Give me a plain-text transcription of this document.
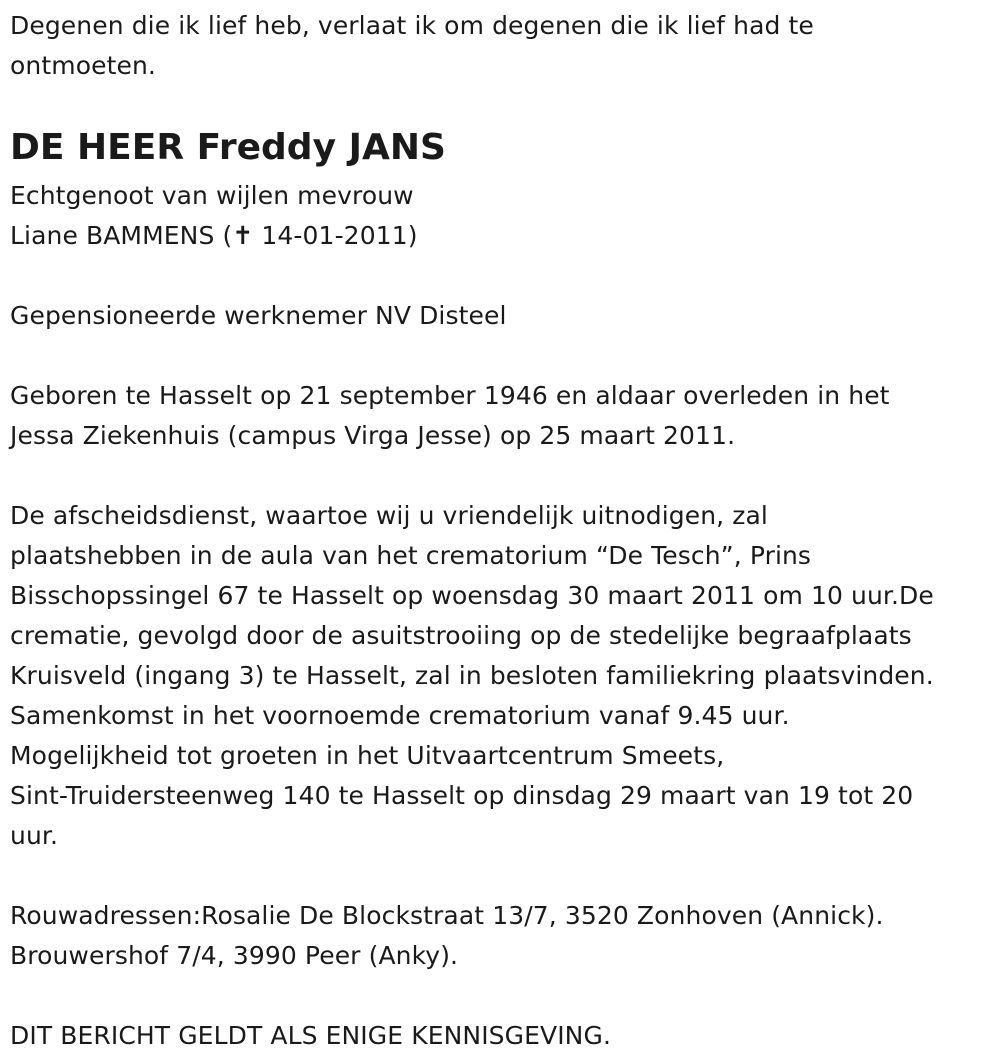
Degenen die ik lief heb, verlaat ik om degenen die ik lief had te
ontmoeten.
DE HEER Freddy JANS
Echtgenoot van wijlen mevrouw
Liane BAMMENS (✝ 14-01-2011)
Gepensioneerde werknemer NV Disteel
Geboren te Hasselt op 21 september 1946 en aldaar overleden in het
Jessa Ziekenhuis (campus Virga Jesse) op 25 maart 2011.
De afscheidsdienst, waartoe wij u vriendelijk uitnodigen, zal
plaatshebben in de aula van het crematorium “De Tesch”, Prins
Bisschopssingel 67 te Hasselt op woensdag 30 maart 2011 om 10 uur.De
crematie, gevolgd door de asuitstrooiing op de stedelijke begraafplaats
Kruisveld (ingang 3) te Hasselt, zal in besloten familiekring plaatsvinden.
Samenkomst in het voornoemde crematorium vanaf 9.45 uur.
Mogelijkheid tot groeten in het Uitvaartcentrum Smeets,
Sint-Truidersteenweg 140 te Hasselt op dinsdag 29 maart van 19 tot 20
uur.
Rouwadressen:Rosalie De Blockstraat 13/7, 3520 Zonhoven (Annick).
Brouwershof 7/4, 3990 Peer (Anky).
DIT BERICHT GELDT ALS ENIGE KENNISGEVING.
